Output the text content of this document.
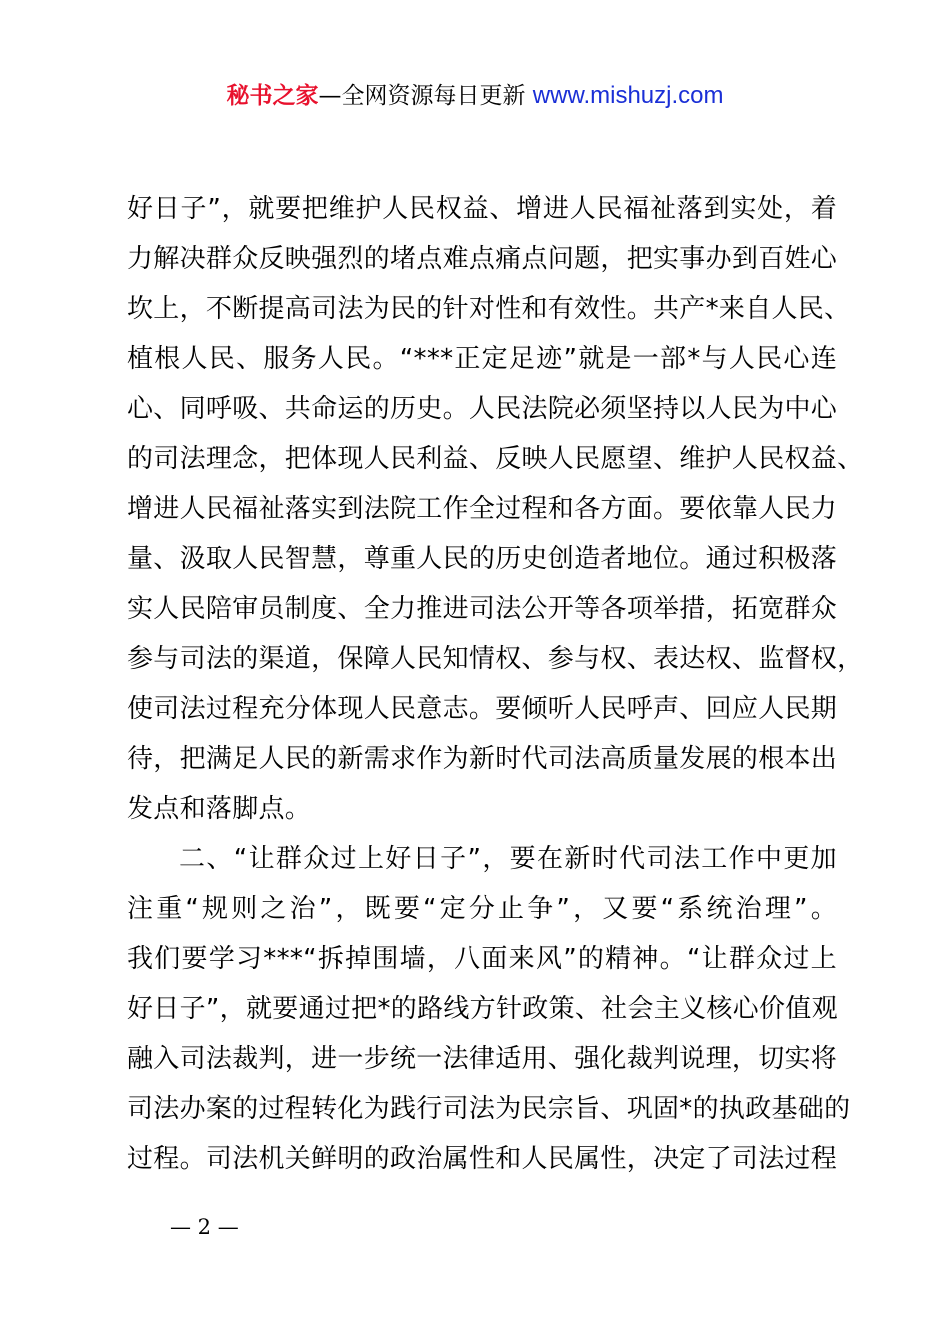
秘书之家—全网资源每日更新 www.mishuzj.com
好日子”，就要把维护人民权益、增进人民福祉落到实处，着
力解决群众反映强烈的堵点难点痛点问题，把实事办到百姓心
坎上，不断提高司法为民的针对性和有效性。共产*来自人民、
植根人民、服务人民。“***正定足迹”就是一部*与人民心连
心、同呼吸、共命运的历史。人民法院必须坚持以人民为中心
的司法理念，把体现人民利益、反映人民愿望、维护人民权益、
增进人民福祉落实到法院工作全过程和各方面。要依靠人民力
量、汲取人民智慧，尊重人民的历史创造者地位。通过积极落
实人民陪审员制度、全力推进司法公开等各项举措，拓宽群众
参与司法的渠道，保障人民知情权、参与权、表达权、监督权，
使司法过程充分体现人民意志。要倾听人民呼声、回应人民期
待，把满足人民的新需求作为新时代司法高质量发展的根本出
发点和落脚点。
二、“让群众过上好日子”，要在新时代司法工作中更加
注重“规则之治”，既要“定分止争”，又要“系统治理”。
我们要学习***“拆掉围墙，八面来风”的精神。“让群众过上
好日子”，就要通过把*的路线方针政策、社会主义核心价值观
融入司法裁判，进一步统一法律适用、强化裁判说理，切实将
司法办案的过程转化为践行司法为民宗旨、巩固*的执政基础的
过程。司法机关鲜明的政治属性和人民属性，决定了司法过程
— 2 —
